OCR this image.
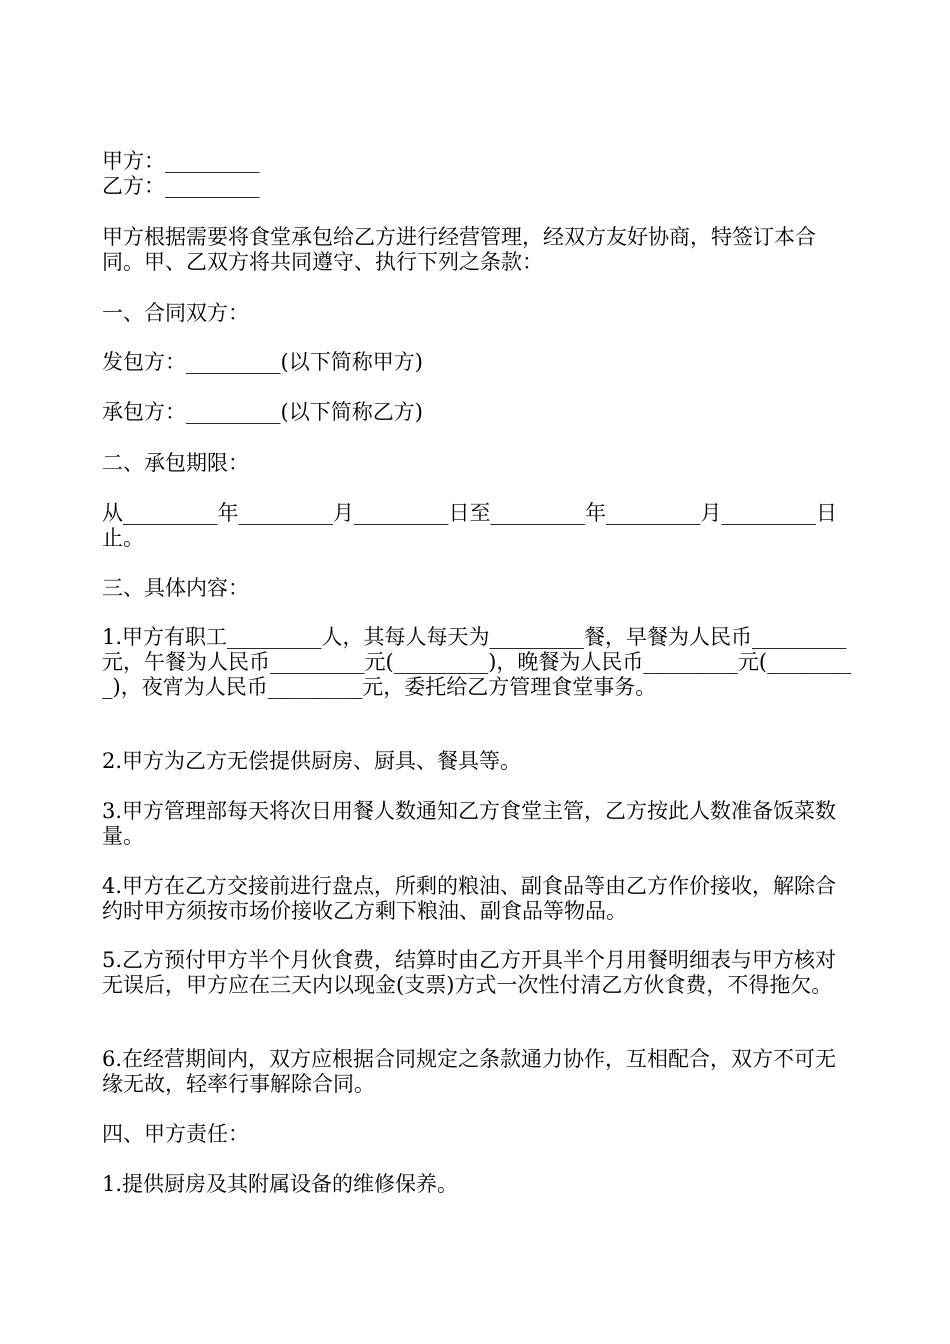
甲方：_________
乙方：_________
甲方根据需要将食堂承包给乙方进行经营管理，经双方友好协商，特签订本合同。甲、乙双方将共同遵守、执行下列之条款：
一、合同双方：
发包方：_________(以下简称甲方)
承包方：_________(以下简称乙方)
二、承包期限：
从_________年_________月_________日至_________年_________月_________日止。
三、具体内容：
1.甲方有职工_________人，其每人每天为_________餐，早餐为人民币_________元，午餐为人民币_________元(_________)，晚餐为人民币_________元(_________)，夜宵为人民币_________元，委托给乙方管理食堂事务。
2.甲方为乙方无偿提供厨房、厨具、餐具等。
3.甲方管理部每天将次日用餐人数通知乙方食堂主管，乙方按此人数准备饭菜数量。
4.甲方在乙方交接前进行盘点，所剩的粮油、副食品等由乙方作价接收，解除合约时甲方须按市场价接收乙方剩下粮油、副食品等物品。
5.乙方预付甲方半个月伙食费，结算时由乙方开具半个月用餐明细表与甲方核对无误后，甲方应在三天内以现金(支票)方式一次性付清乙方伙食费，不得拖欠。
6.在经营期间内，双方应根据合同规定之条款通力协作，互相配合，双方不可无缘无故，轻率行事解除合同。
四、甲方责任：
1.提供厨房及其附属设备的维修保养。
